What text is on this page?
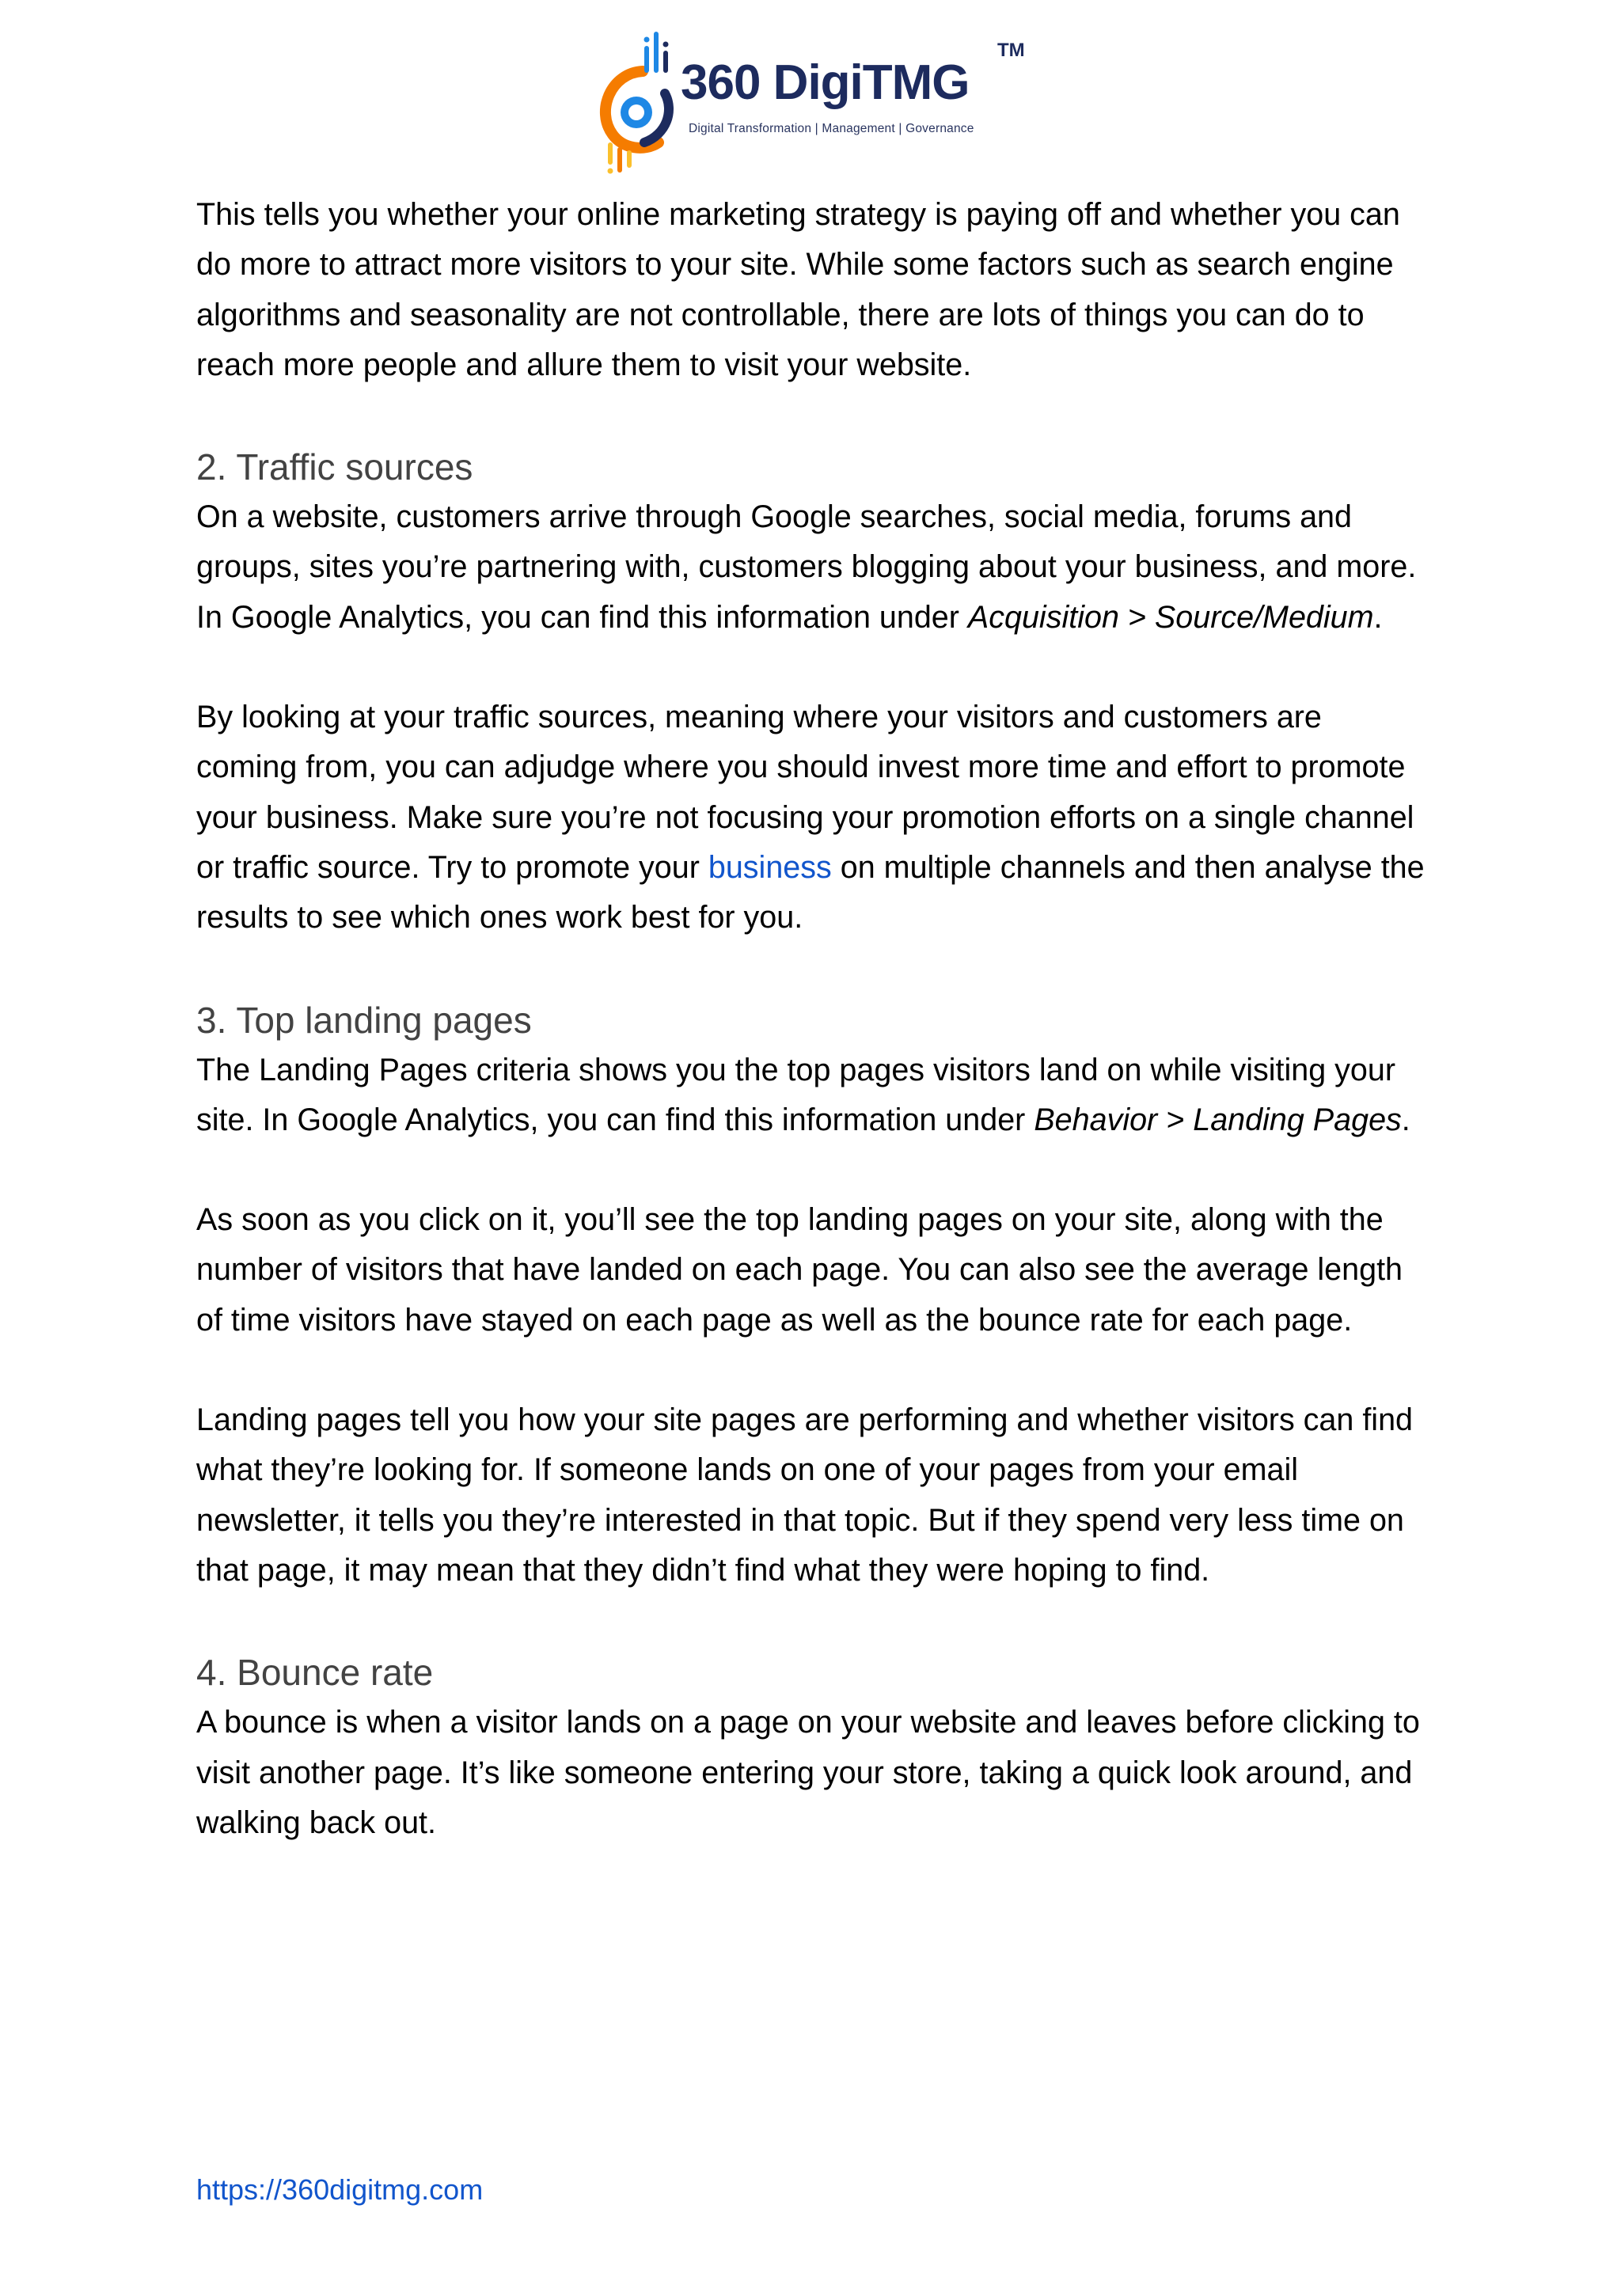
360 DigiTMG
TM
Digital Transformation | Management | Governance

This tells you whether your online marketing strategy is paying off and whether you can do more to attract more visitors to your site. While some factors such as search engine algorithms and seasonality are not controllable, there are lots of things you can do to reach more people and allure them to visit your website.

2. Traffic sources

On a website, customers arrive through Google searches, social media, forums and groups, sites you’re partnering with, customers blogging about your business, and more. In Google Analytics, you can find this information under Acquisition > Source/Medium.

By looking at your traffic sources, meaning where your visitors and customers are coming from, you can adjudge where you should invest more time and effort to promote your business. Make sure you’re not focusing your promotion efforts on a single channel or traffic source. Try to promote your business on multiple channels and then analyse the results to see which ones work best for you.

3. Top landing pages

The Landing Pages criteria shows you the top pages visitors land on while visiting your site. In Google Analytics, you can find this information under Behavior > Landing Pages.

As soon as you click on it, you’ll see the top landing pages on your site, along with the number of visitors that have landed on each page. You can also see the average length of time visitors have stayed on each page as well as the bounce rate for each page.

Landing pages tell you how your site pages are performing and whether visitors can find what they’re looking for. If someone lands on one of your pages from your email newsletter, it tells you they’re interested in that topic. But if they spend very less time on that page, it may mean that they didn’t find what they were hoping to find.

4. Bounce rate

A bounce is when a visitor lands on a page on your website and leaves before clicking to visit another page. It’s like someone entering your store, taking a quick look around, and walking back out.

https://360digitmg.com
